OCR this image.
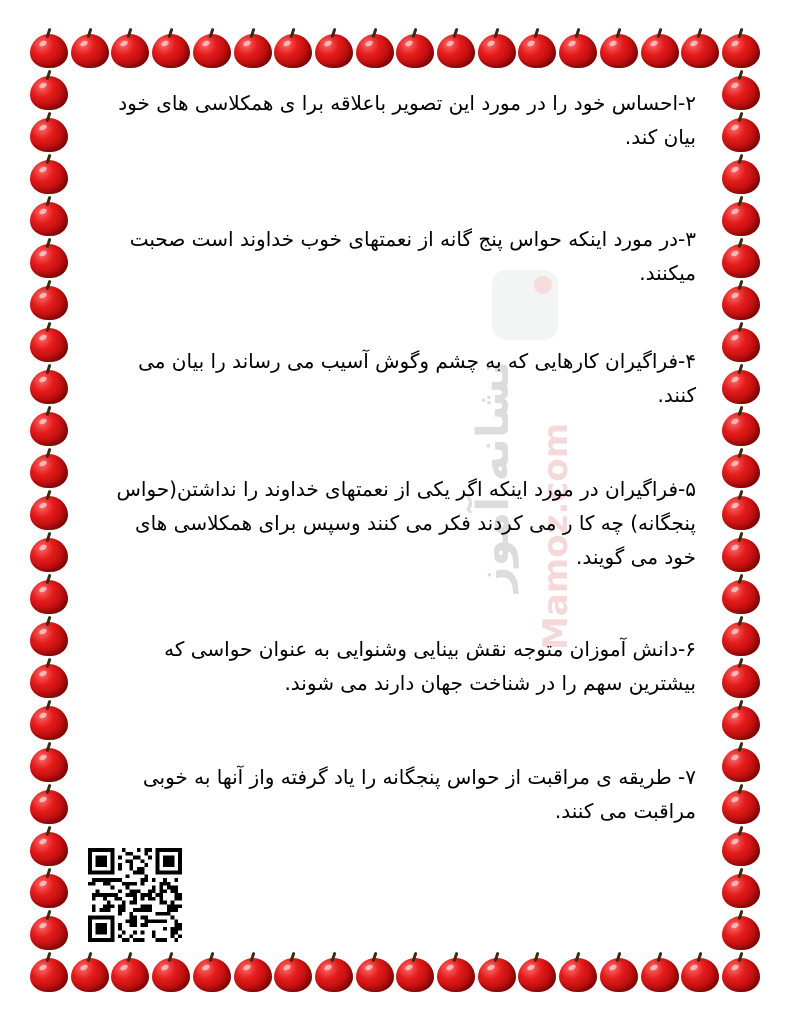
نشانه آموز Mamoz.com

۲-احساس خود را در مورد این تصویر باعلاقه برا ی همکلاسی های خود بیان کند.

۳-در مورد اینکه حواس پنج گانه از نعمتهای خوب خداوند است صحبت میکنند.

۴-فراگیران کارهایی که به چشم وگوش آسیب می رساند را بیان می کنند.

۵-فراگیران در مورد اینکه اگر یکی از نعمتهای خداوند را نداشتن(حواس پنجگانه) چه کا ر می کردند فکر می کنند وسپس برای همکلاسی های خود می گویند.

۶-دانش آموزان متوجه نقش بینایی وشنوایی به عنوان حواسی که بیشترین سهم را در شناخت جهان دارند می شوند.

۷- طریقه ی مراقبت از حواس پنجگانه را یاد گرفته واز آنها به خوبی مراقبت می کنند.
